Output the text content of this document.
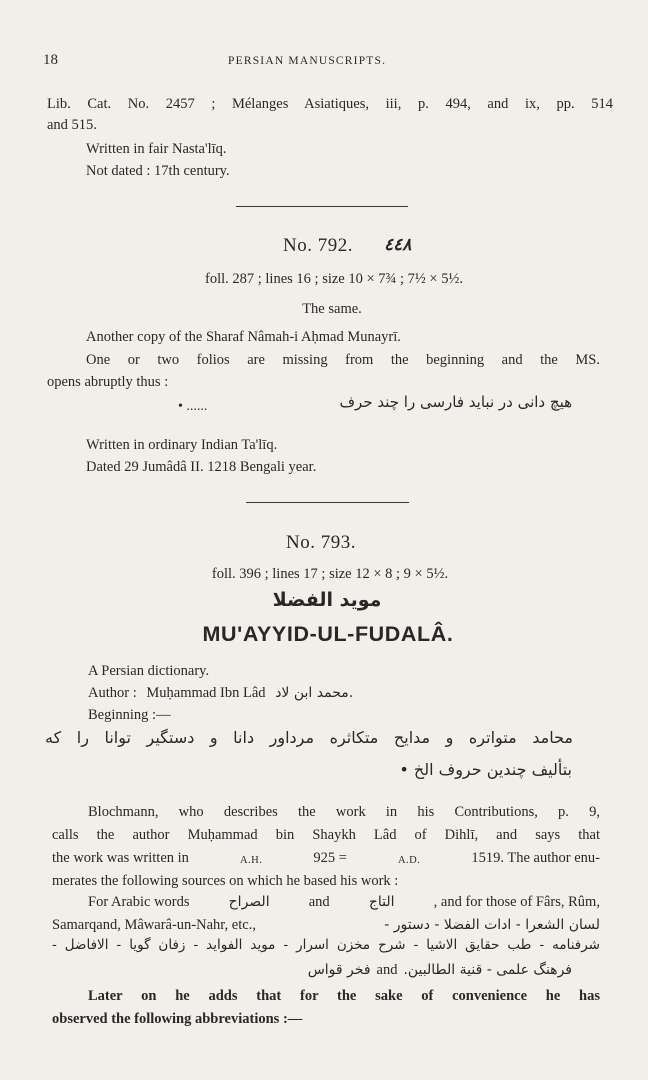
18	PERSIAN MANUSCRIPTS.
Lib. Cat. No. 2457 ; Mélanges Asiatiques, iii, p. 494, and ix, pp. 514
and 515.
Written in fair Nasta'līq.
Not dated : 17th century.
No. 792. ٤٤٨
foll. 287 ; lines 16 ; size 10 × 7¾ ; 7½ × 5½.
The same.
Another copy of the Sharaf Nâmah-i Aḥmad Munayrī.
One or two folios are missing from the beginning and the MS.
opens abruptly thus :
هیچ دانی در نباید فارسی را چند حرف
...... •
Written in ordinary Indian Ta'līq.
Dated 29 Jumâdâ II. 1218 Bengali year.
No. 793.
foll. 396 ; lines 17 ; size 12 × 8 ; 9 × 5½.
موید الفضلا
MU'AYYID-UL-FUDALÂ.
A Persian dictionary.
Author : Muḥammad Ibn Lâd محمد ابن لاد.
Beginning :—
محامد متواتره و مدایح متکاثره مرداور دانا و دستگیر توانا را که
بتألیف چندین حروف الخ •
Blochmann, who describes the work in his Contributions, p. 9,
calls the author Muḥammad bin Shaykh Lâd of Dihlī, and says that
the work was written in	A.H.	925 =	A.D.	1519. The author enu-
merates the following sources on which he based his work :
For Arabic words	الصراح	and	التاج	, and for those of Fârs, Rûm,
Samarqand, Mâwarâ-un-Nahr, etc.,	لسان الشعرا - ادات الفضلا - دستور -
شرفنامه - طب حقایق الاشیا - شرح مخزن اسرار - موید الفوايد - زفان گویا - الافاضل -
فرهنگ علمی - قنية الطالبين.
and
فخر قواس
Later on he adds that for the sake of convenience he has
observed the following abbreviations :—
